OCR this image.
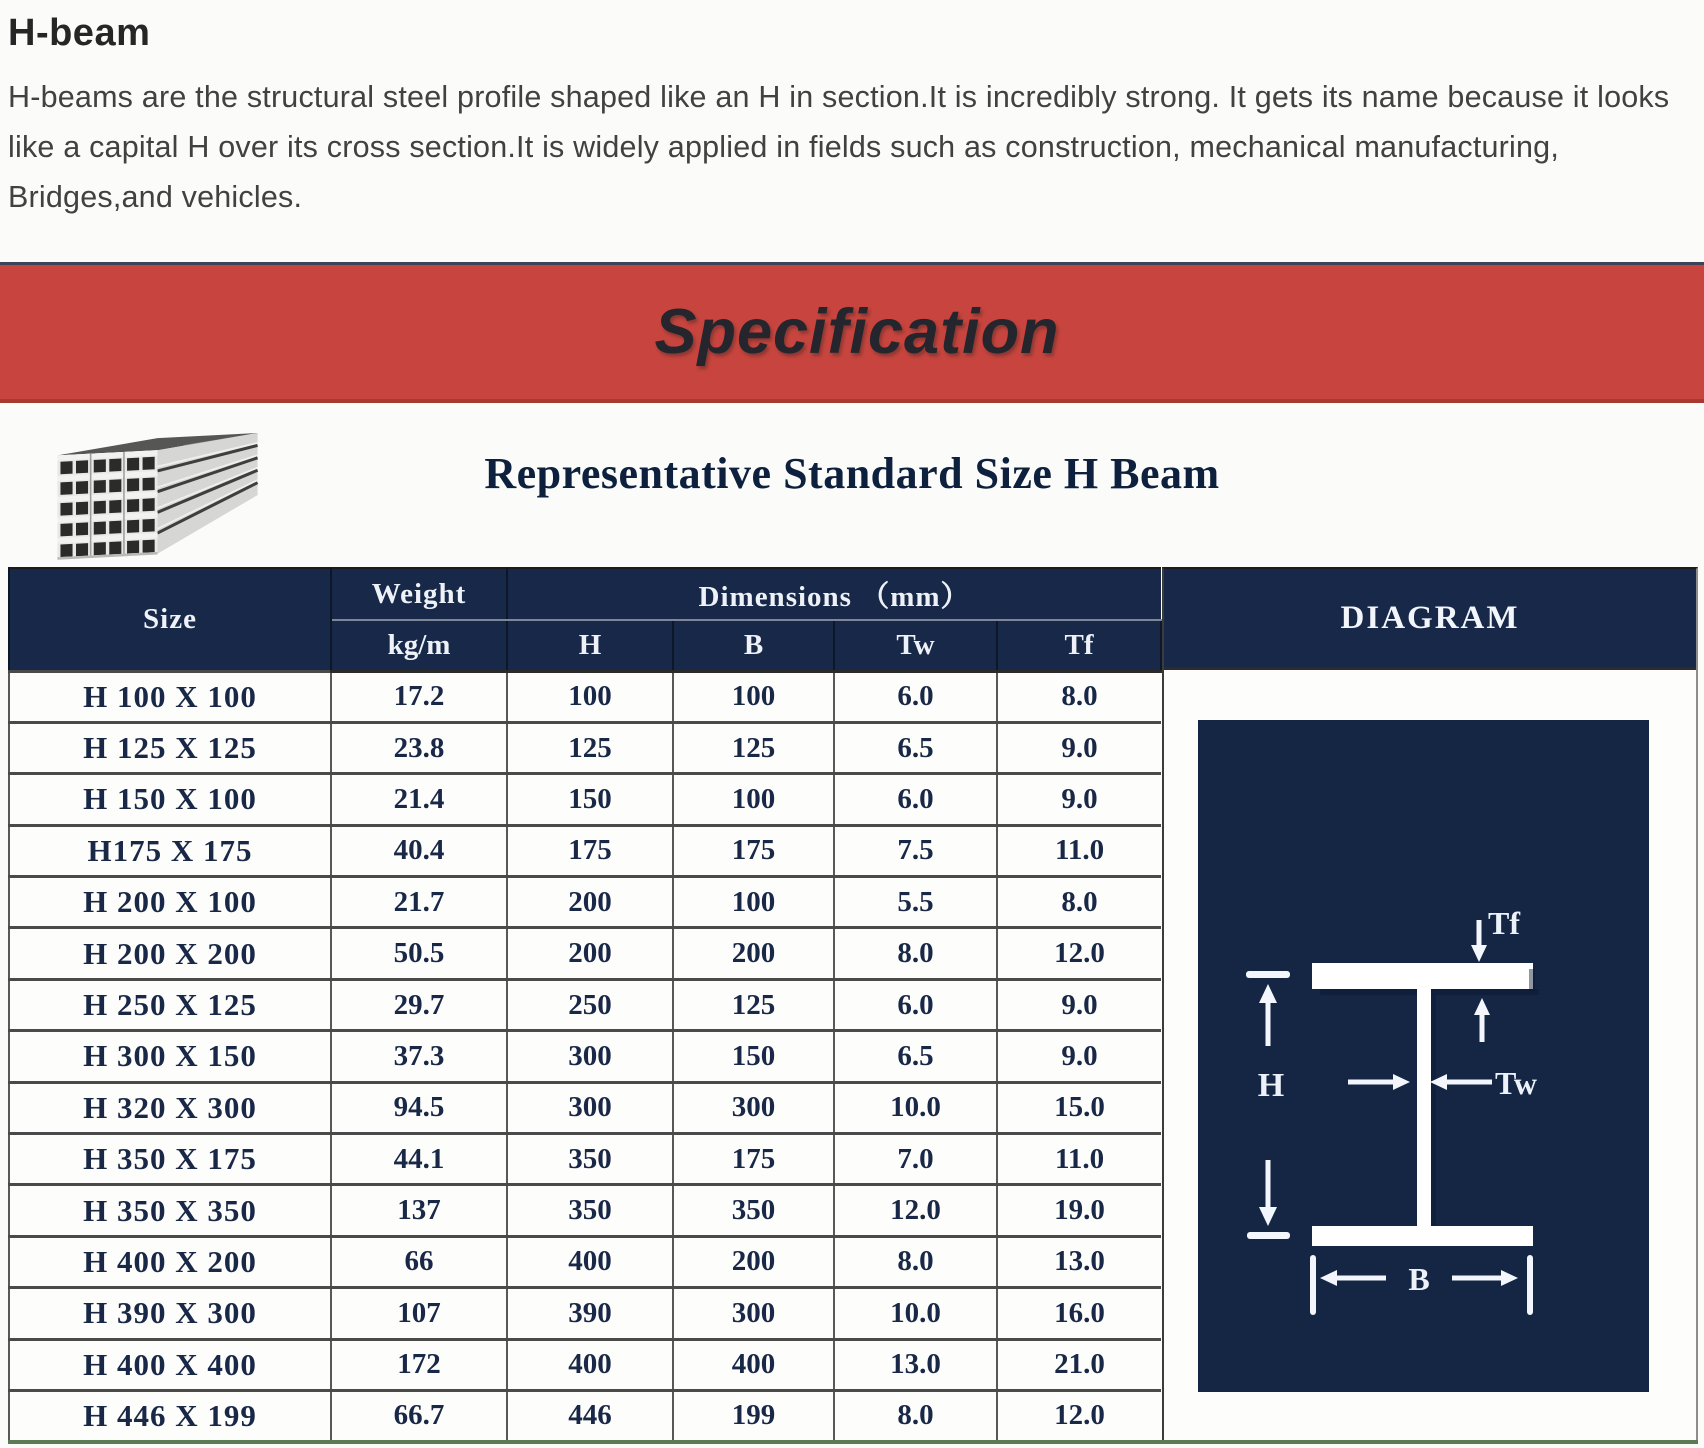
H-beam

H-beams are the structural steel profile shaped like an H in section.It is incredibly strong. It gets its name because it looks like a capital H over its cross section.It is widely applied in fields such as construction, mechanical manufacturing, Bridges,and vehicles.

Specification
Representative Standard Size H Beam
Size	Weight	Dimensions （mm）			
	kg/m	H	B	Tw	Tf
H 100 X 100	17.2	100	100	6.0	8.0
H 125 X 125	23.8	125	125	6.5	9.0
H 150 X 100	21.4	150	100	6.0	9.0
H175 X 175	40.4	175	175	7.5	11.0
H 200 X 100	21.7	200	100	5.5	8.0
H 200 X 200	50.5	200	200	8.0	12.0
H 250 X 125	29.7	250	125	6.0	9.0
H 300 X 150	37.3	300	150	6.5	9.0
H 320 X 300	94.5	300	300	10.0	15.0
H 350 X 175	44.1	350	175	7.0	11.0
H 350 X 350	137	350	350	12.0	19.0
H 400 X 200	66	400	200	8.0	13.0
H 390 X 300	107	390	300	10.0	16.0
H 400 X 400	172	400	400	13.0	21.0
H 446 X 199	66.7	446	199	8.0	12.0
DIAGRAM
Tf
H	Tw
B
